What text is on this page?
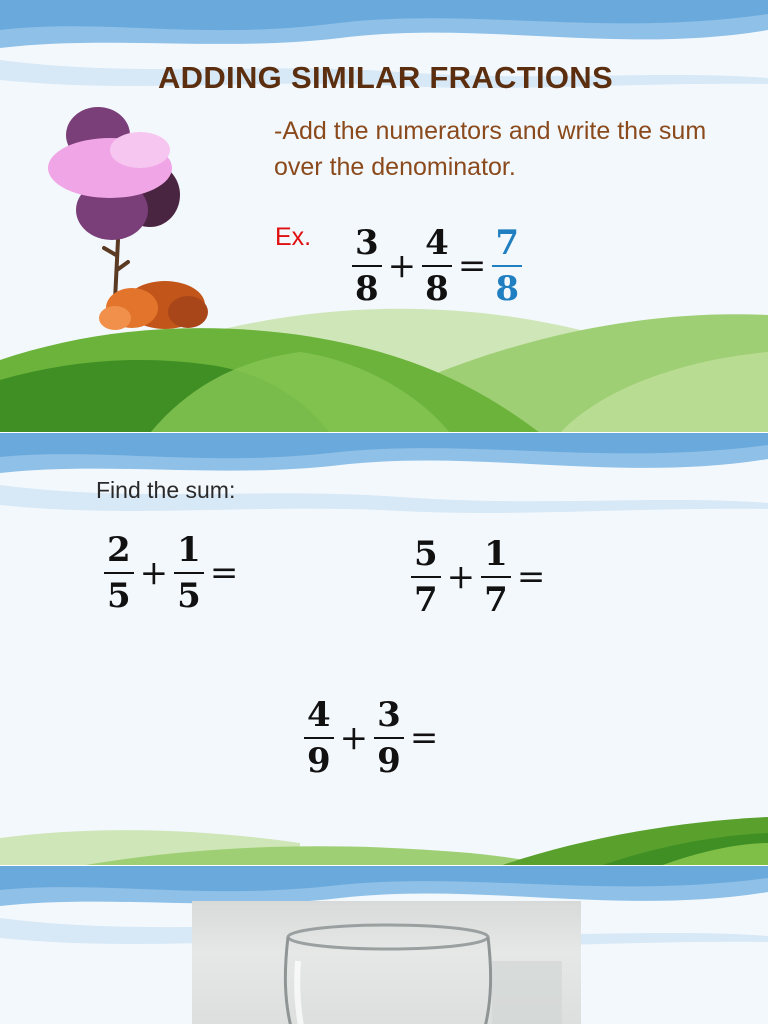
ADDING SIMILAR FRACTIONS

-Add the numerators and write the sum over the denominator.

Ex. $\frac{3}{8} + \frac{4}{8} = \frac{7}{8}$
Find the sum:
$\frac{2}{5} + \frac{1}{5}$ =	$\frac{5}{7} + \frac{1}{7}$ =
$\frac{4}{9} + \frac{3}{9}$ =
